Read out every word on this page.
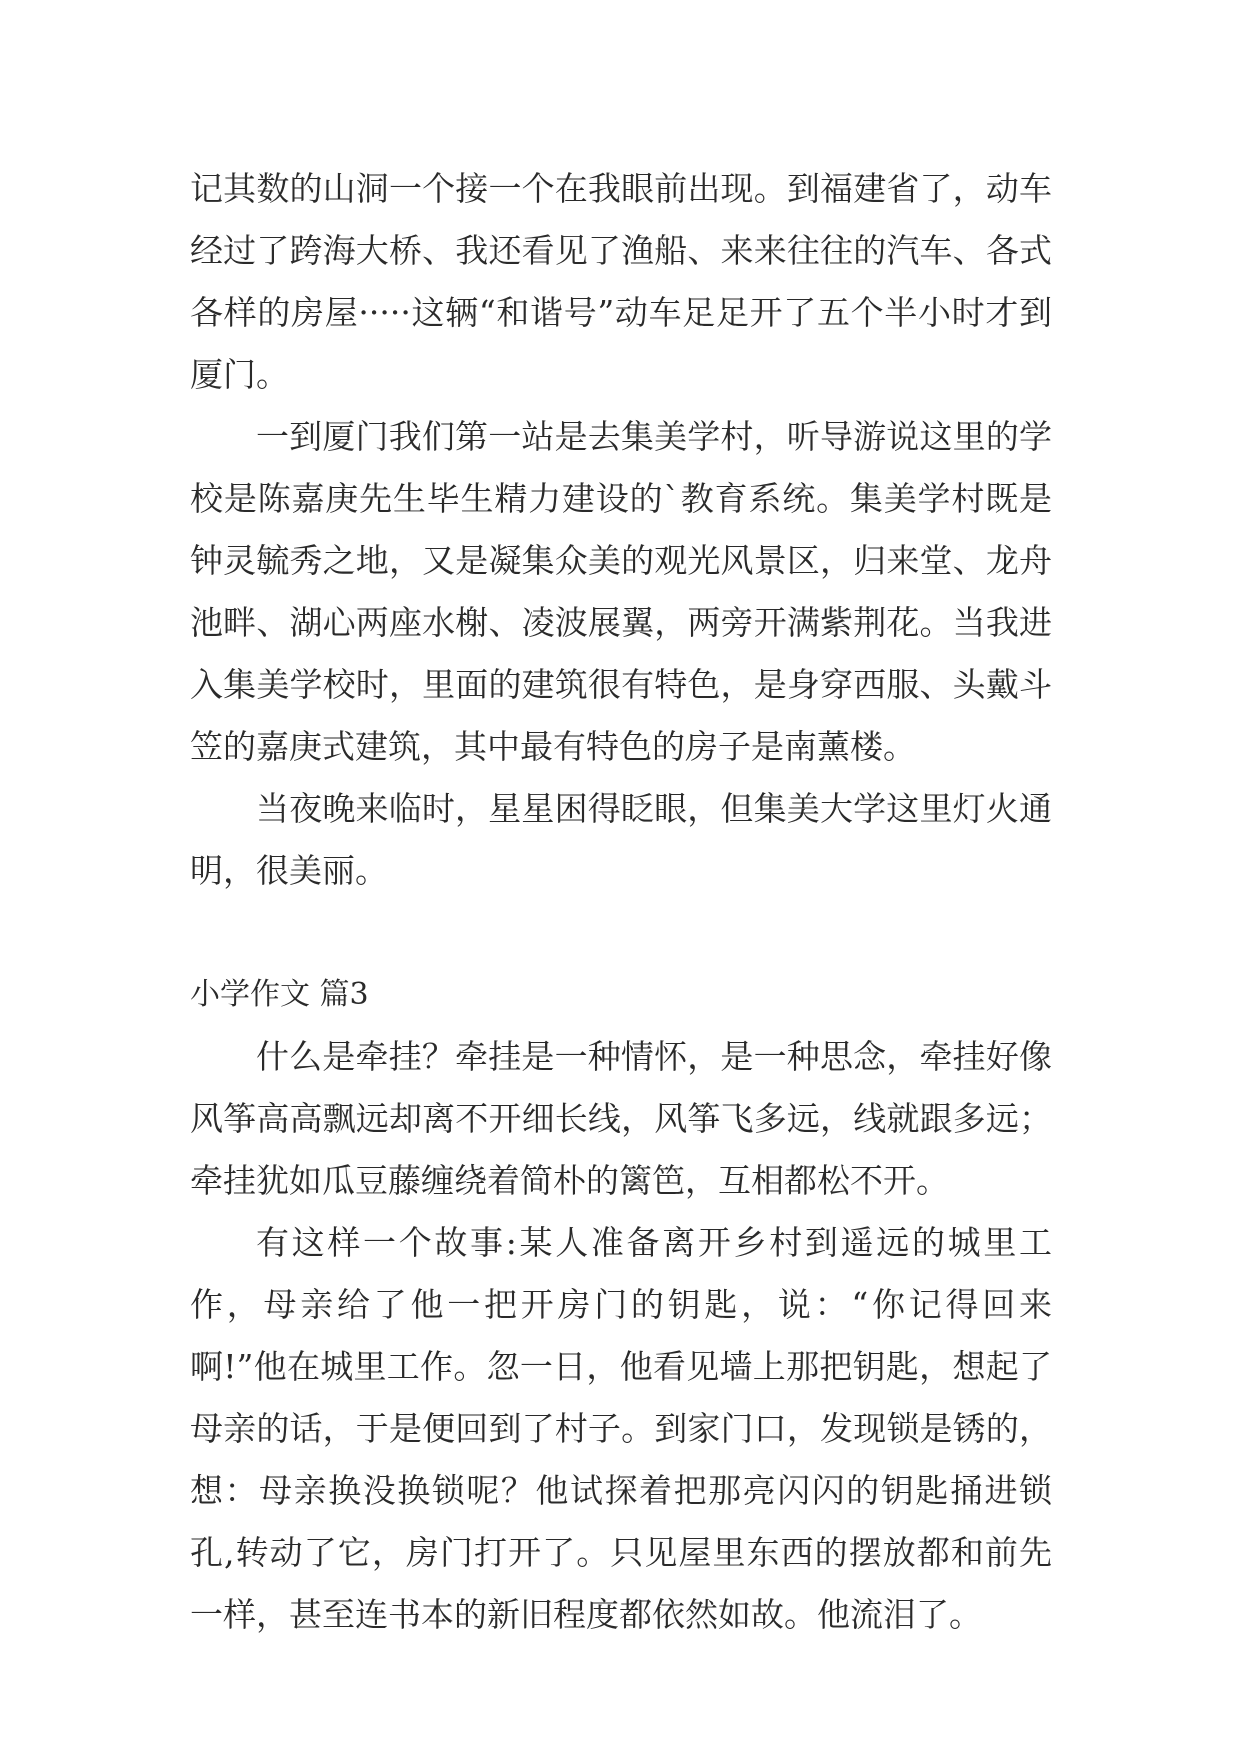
记其数的山洞一个接一个在我眼前出现。到福建省了，动车经过了跨海大桥、我还看见了渔船、来来往往的汽车、各式各样的房屋·····这辆“和谐号”动车足足开了五个半小时才到厦门。

一到厦门我们第一站是去集美学村，听导游说这里的学校是陈嘉庚先生毕生精力建设的`教育系统。集美学村既是钟灵毓秀之地，又是凝集众美的观光风景区，归来堂、龙舟池畔、湖心两座水榭、凌波展翼，两旁开满紫荆花。当我进入集美学校时，里面的建筑很有特色，是身穿西服、头戴斗笠的嘉庚式建筑，其中最有特色的房子是南薰楼。

当夜晚来临时，星星困得眨眼，但集美大学这里灯火通明，很美丽。

小学作文 篇3

什么是牵挂？牵挂是一种情怀，是一种思念，牵挂好像风筝高高飘远却离不开细长线，风筝飞多远，线就跟多远；牵挂犹如瓜豆藤缠绕着简朴的篱笆，互相都松不开。

有这样一个故事:某人准备离开乡村到遥远的城里工作，母亲给了他一把开房门的钥匙，说：“你记得回来啊!”他在城里工作。忽一日，他看见墙上那把钥匙，想起了母亲的话，于是便回到了村子。到家门口，发现锁是锈的，想：母亲换没换锁呢？他试探着把那亮闪闪的钥匙捅进锁孔,转动了它，房门打开了。只见屋里东西的摆放都和前先一样，甚至连书本的新旧程度都依然如故。他流泪了。
